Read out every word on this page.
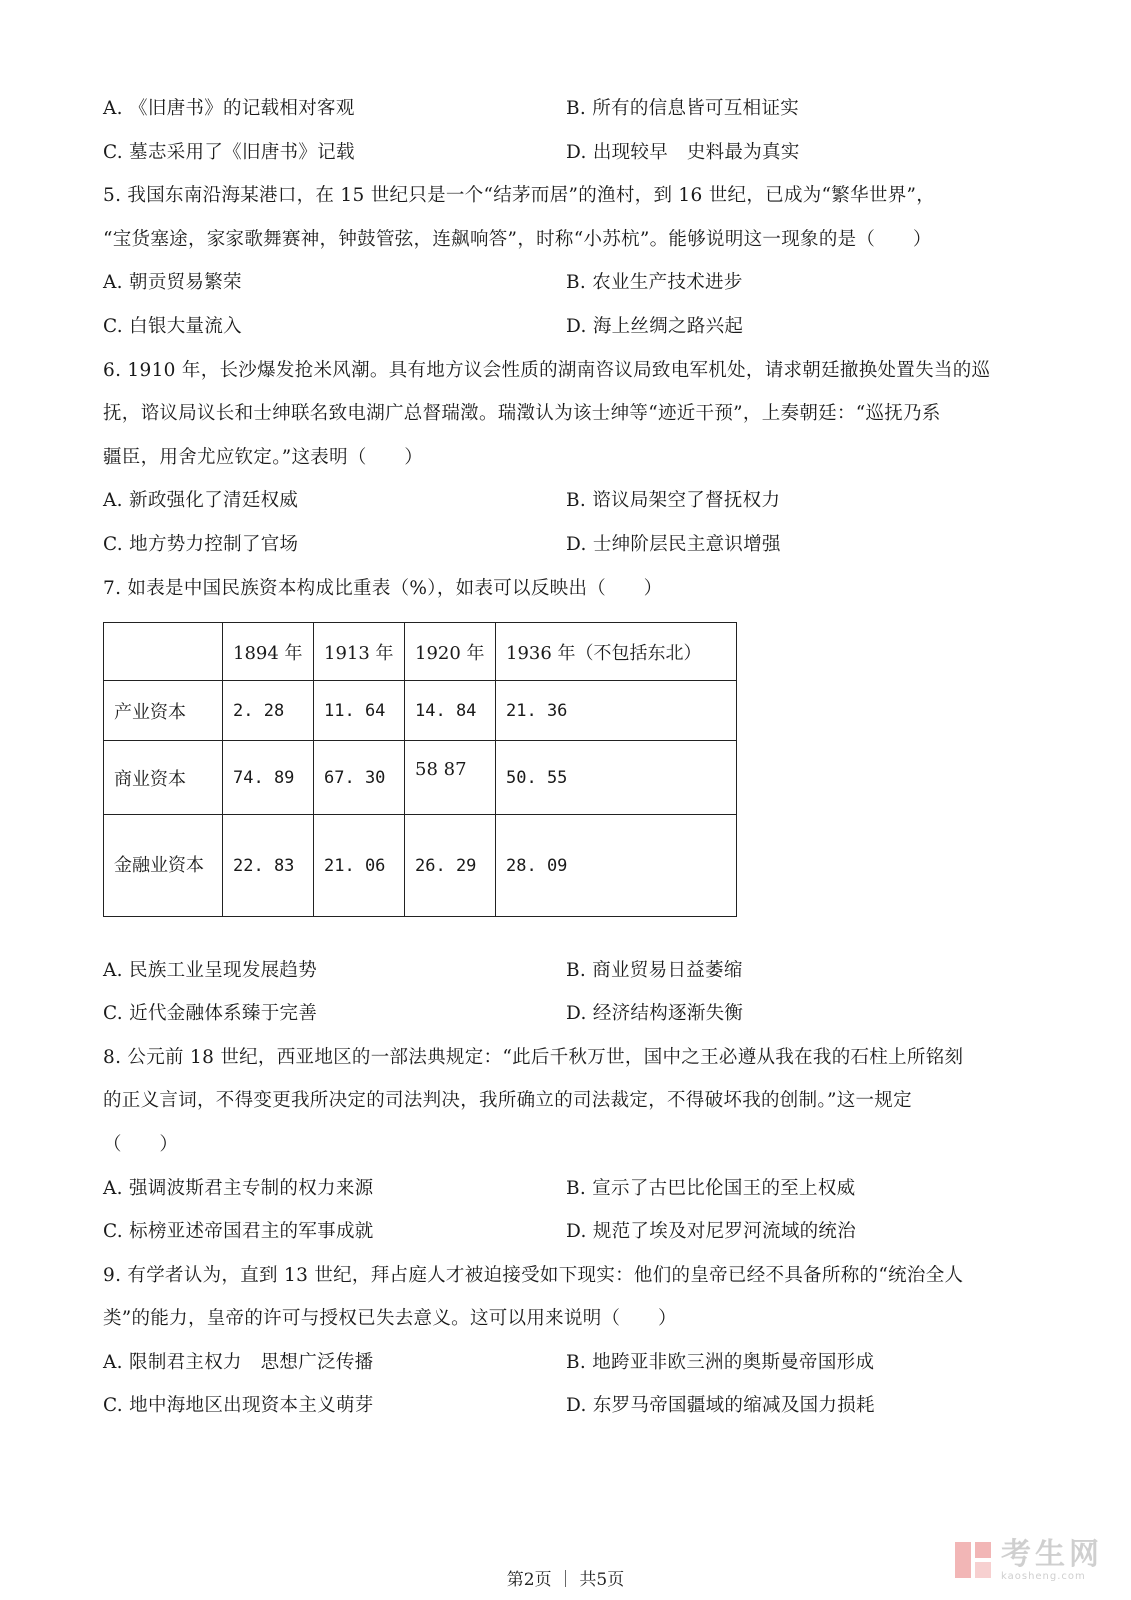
A. 《旧唐书》的记载相对客观	B. 所有的信息皆可互相证实
C. 墓志采用了《旧唐书》记载	D. 出现较早　史料最为真实
5. 我国东南沿海某港口，在 15 世纪只是一个“结茅而居”的渔村，到 16 世纪，已成为“繁华世界”，
“宝货塞途，家家歌舞赛神，钟鼓管弦，连飙响答”，时称“小苏杭”。能够说明这一现象的是（　　）
A. 朝贡贸易繁荣	B. 农业生产技术进步
C. 白银大量流入	D. 海上丝绸之路兴起
6. 1910 年，长沙爆发抢米风潮。具有地方议会性质的湖南咨议局致电军机处，请求朝廷撤换处置失当的巡
抚，谘议局议长和士绅联名致电湖广总督瑞澂。瑞澂认为该士绅等“迹近干预”，上奏朝廷：“巡抚乃系
疆臣，用舍尤应钦定。”这表明（　　）
A. 新政强化了清廷权威	B. 谘议局架空了督抚权力
C. 地方势力控制了官场	D. 士绅阶层民主意识增强
7. 如表是中国民族资本构成比重表（%），如表可以反映出（　　）
	1894 年	1913 年	1920 年	1936 年（不包括东北）
产业资本	2. 28	11. 64	14. 84	21. 36
商业资本	74. 89	67. 30	58 87	50. 55
金融业资本	22. 83	21. 06	26. 29	28. 09
A. 民族工业呈现发展趋势	B. 商业贸易日益萎缩
C. 近代金融体系臻于完善	D. 经济结构逐渐失衡
8. 公元前 18 世纪，西亚地区的一部法典规定：“此后千秋万世，国中之王必遵从我在我的石柱上所铭刻
的正义言词，不得变更我所决定的司法判决，我所确立的司法裁定，不得破坏我的创制。”这一规定
（　　）
A. 强调波斯君主专制的权力来源	B. 宣示了古巴比伦国王的至上权威
C. 标榜亚述帝国君主的军事成就	D. 规范了埃及对尼罗河流域的统治
9. 有学者认为，直到 13 世纪，拜占庭人才被迫接受如下现实：他们的皇帝已经不具备所称的“统治全人
类”的能力，皇帝的许可与授权已失去意义。这可以用来说明（　　）
A. 限制君主权力　思想广泛传播	B. 地跨亚非欧三洲的奥斯曼帝国形成
C. 地中海地区出现资本主义萌芽	D. 东罗马帝国疆域的缩减及国力损耗
考生网
kaosheng.com
第2页 ｜ 共5页
